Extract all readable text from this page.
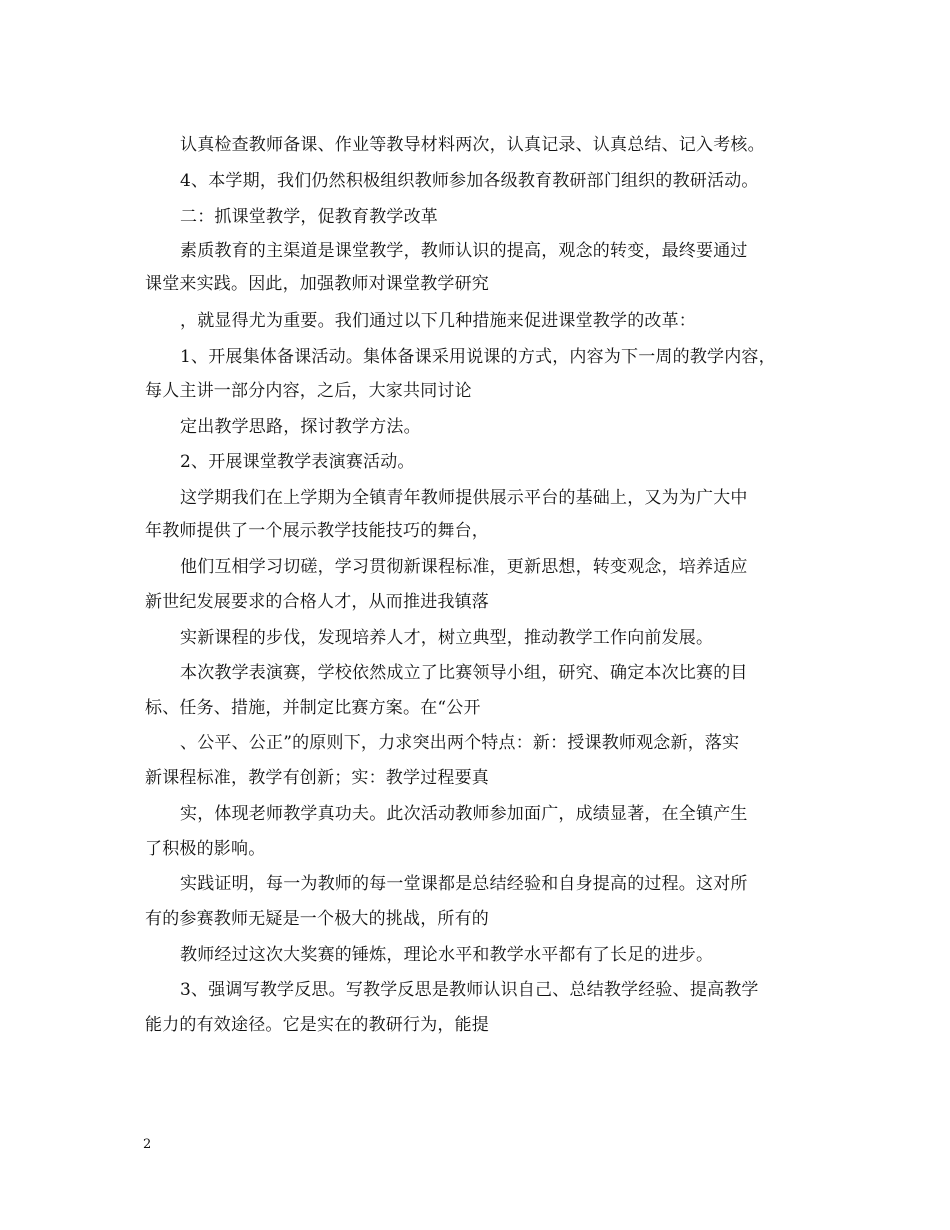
认真检查教师备课、作业等教导材料两次，认真记录、认真总结、记入考核。
4、本学期，我们仍然积极组织教师参加各级教育教研部门组织的教研活动。
二：抓课堂教学，促教育教学改革
素质教育的主渠道是课堂教学，教师认识的提高，观念的转变，最终要通过
课堂来实践。因此，加强教师对课堂教学研究
，就显得尤为重要。我们通过以下几种措施来促进课堂教学的改革：
1、开展集体备课活动。集体备课采用说课的方式，内容为下一周的教学内容，
每人主讲一部分内容，之后，大家共同讨论
定出教学思路，探讨教学方法。
2、开展课堂教学表演赛活动。
这学期我们在上学期为全镇青年教师提供展示平台的基础上，又为为广大中
年教师提供了一个展示教学技能技巧的舞台，
他们互相学习切磋，学习贯彻新课程标准，更新思想，转变观念，培养适应
新世纪发展要求的合格人才，从而推进我镇落
实新课程的步伐，发现培养人才，树立典型，推动教学工作向前发展。
本次教学表演赛，学校依然成立了比赛领导小组，研究、确定本次比赛的目
标、任务、措施，并制定比赛方案。在“公开
、公平、公正”的原则下，力求突出两个特点：新：授课教师观念新，落实
新课程标准，教学有创新；实：教学过程要真
实，体现老师教学真功夫。此次活动教师参加面广，成绩显著，在全镇产生
了积极的影响。
实践证明，每一为教师的每一堂课都是总结经验和自身提高的过程。这对所
有的参赛教师无疑是一个极大的挑战，所有的
教师经过这次大奖赛的锤炼，理论水平和教学水平都有了长足的进步。
3、强调写教学反思。写教学反思是教师认识自己、总结教学经验、提高教学
能力的有效途径。它是实在的教研行为，能提
2
